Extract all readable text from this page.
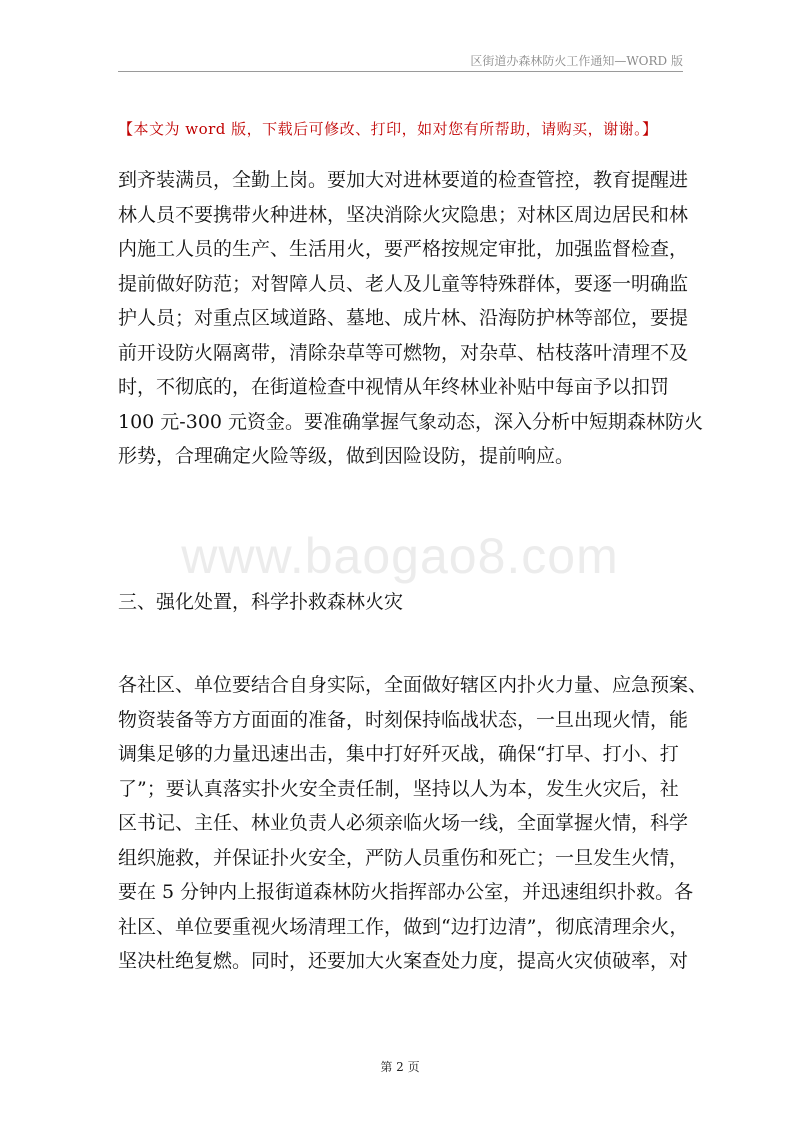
区街道办森林防火工作通知—WORD 版
【本文为 word 版，下载后可修改、打印，如对您有所帮助，请购买，谢谢。】
到齐装满员，全勤上岗。要加大对进林要道的检查管控，教育提醒进
林人员不要携带火种进林，坚决消除火灾隐患；对林区周边居民和林
内施工人员的生产、生活用火，要严格按规定审批，加强监督检查，
提前做好防范；对智障人员、老人及儿童等特殊群体，要逐一明确监
护人员；对重点区域道路、墓地、成片林、沿海防护林等部位，要提
前开设防火隔离带，清除杂草等可燃物，对杂草、枯枝落叶清理不及
时，不彻底的，在街道检查中视情从年终林业补贴中每亩予以扣罚
100 元-300 元资金。要准确掌握气象动态，深入分析中短期森林防火
形势，合理确定火险等级，做到因险设防，提前响应。
www.baogao8.com
三、强化处置，科学扑救森林火灾
各社区、单位要结合自身实际，全面做好辖区内扑火力量、应急预案、
物资装备等方方面面的准备，时刻保持临战状态，一旦出现火情，能
调集足够的力量迅速出击，集中打好歼灭战，确保“打早、打小、打
了”；要认真落实扑火安全责任制，坚持以人为本，发生火灾后，社
区书记、主任、林业负责人必须亲临火场一线，全面掌握火情，科学
组织施救，并保证扑火安全，严防人员重伤和死亡；一旦发生火情，
要在 5 分钟内上报街道森林防火指挥部办公室，并迅速组织扑救。各
社区、单位要重视火场清理工作，做到“边打边清”，彻底清理余火，
坚决杜绝复燃。同时，还要加大火案查处力度，提高火灾侦破率，对
第 2 页
